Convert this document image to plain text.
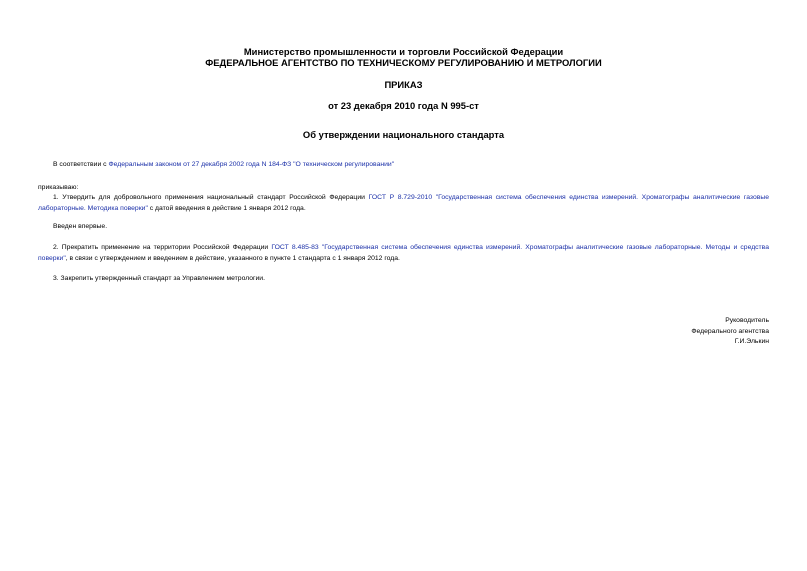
Министерство промышленности и торговли Российской Федерации
ФЕДЕРАЛЬНОЕ АГЕНТСТВО ПО ТЕХНИЧЕСКОМУ РЕГУЛИРОВАНИЮ И МЕТРОЛОГИИ
ПРИКАЗ
от 23 декабря 2010 года N 995-ст
Об утверждении национального стандарта
В соответствии с Федеральным законом от 27 декабря 2002 года N 184-ФЗ "О техническом регулировании"
приказываю:
1. Утвердить для добровольного применения национальный стандарт Российской Федерации ГОСТ Р 8.729-2010 "Государственная система обеспечения единства измерений. Хроматографы аналитические газовые лабораторные. Методика поверки" с датой введения в действие 1 января 2012 года.
Введен впервые.
2. Прекратить применение на территории Российской Федерации ГОСТ 8.485-83 "Государственная система обеспечения единства измерений. Хроматографы аналитические газовые лабораторные. Методы и средства поверки", в связи с утверждением и введением в действие, указанного в пункте 1 стандарта с 1 января 2012 года.
3. Закрепить утвержденный стандарт за Управлением метрологии.
Руководитель
Федерального агентства
Г.И.Элькин
